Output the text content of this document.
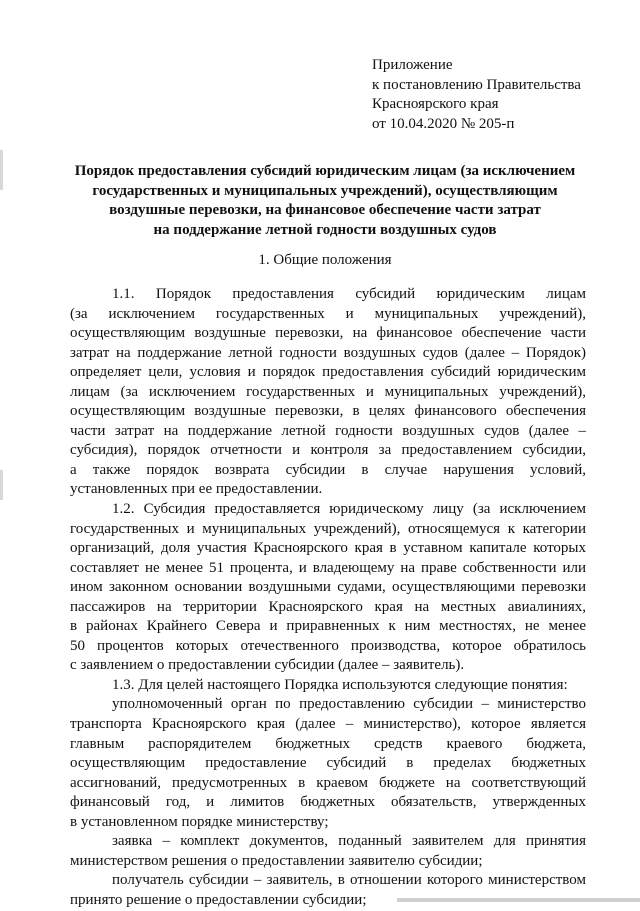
Приложение
к постановлению Правительства
Красноярского края
от 10.04.2020 № 205-п
Порядок предоставления субсидий юридическим лицам (за исключением
государственных и муниципальных учреждений), осуществляющим
воздушные перевозки, на финансовое обеспечение части затрат
на поддержание летной годности воздушных судов
1. Общие положения
1.1. Порядок предоставления субсидий юридическим лицам
(за исключением государственных и муниципальных учреждений),
осуществляющим воздушные перевозки, на финансовое обеспечение части
затрат на поддержание летной годности воздушных судов (далее – Порядок)
определяет цели, условия и порядок предоставления субсидий юридическим
лицам (за исключением государственных и муниципальных учреждений),
осуществляющим воздушные перевозки, в целях финансового обеспечения
части затрат на поддержание летной годности воздушных судов (далее –
субсидия), порядок отчетности и контроля за предоставлением субсидии,
а также порядок возврата субсидии в случае нарушения условий,
установленных при ее предоставлении.
1.2. Субсидия предоставляется юридическому лицу (за исключением
государственных и муниципальных учреждений), относящемуся к категории
организаций, доля участия Красноярского края в уставном капитале которых
составляет не менее 51 процента, и владеющему на праве собственности или
ином законном основании воздушными судами, осуществляющими перевозки
пассажиров на территории Красноярского края на местных авиалиниях,
в районах Крайнего Севера и приравненных к ним местностях, не менее
50 процентов которых отечественного производства, которое обратилось
с заявлением о предоставлении субсидии (далее – заявитель).
1.3. Для целей настоящего Порядка используются следующие понятия:
уполномоченный орган по предоставлению субсидии – министерство
транспорта Красноярского края (далее – министерство), которое является
главным распорядителем бюджетных средств краевого бюджета,
осуществляющим предоставление субсидий в пределах бюджетных
ассигнований, предусмотренных в краевом бюджете на соответствующий
финансовый год, и лимитов бюджетных обязательств, утвержденных
в установленном порядке министерству;
заявка – комплект документов, поданный заявителем для принятия
министерством решения о предоставлении заявителю субсидии;
получатель субсидии – заявитель, в отношении которого министерством
принято решение о предоставлении субсидии;
